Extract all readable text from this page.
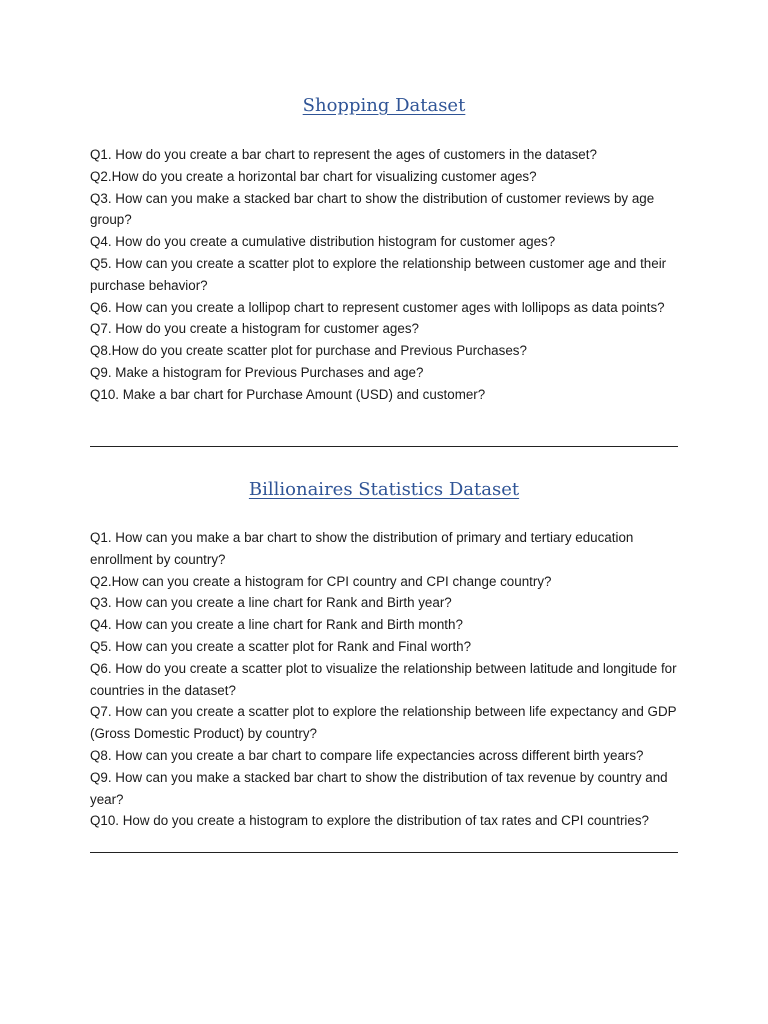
Shopping Dataset
Q1. How do you create a bar chart to represent the ages of customers in the dataset?
Q2.How do you create a horizontal bar chart for visualizing customer ages?
Q3. How can you make a stacked bar chart to show the distribution of customer reviews by age group?
Q4. How do you create a cumulative distribution histogram for customer ages?
Q5. How can you create a scatter plot to explore the relationship between customer age and their purchase behavior?
Q6. How can you create a lollipop chart to represent customer ages with lollipops as data points?
Q7. How do you create a histogram for customer ages?
Q8.How do you create scatter plot for purchase and Previous Purchases?
Q9. Make a histogram for Previous Purchases and age?
Q10. Make a bar chart for Purchase Amount (USD) and customer?
Billionaires Statistics Dataset
Q1. How can you make a bar chart to show the distribution of primary and tertiary education enrollment by country?
Q2.How can you create a histogram for CPI country and CPI change country?
Q3. How can you create a line chart for Rank and Birth year?
Q4. How can you create a line chart for Rank and Birth month?
Q5. How can you create a scatter plot for Rank and Final worth?
Q6. How do you create a scatter plot to visualize the relationship between latitude and longitude for countries in the dataset?
Q7. How can you create a scatter plot to explore the relationship between life expectancy and GDP (Gross Domestic Product) by country?
Q8. How can you create a bar chart to compare life expectancies across different birth years?
Q9. How can you make a stacked bar chart to show the distribution of tax revenue by country and year?
Q10. How do you create a histogram to explore the distribution of tax rates and CPI countries?
